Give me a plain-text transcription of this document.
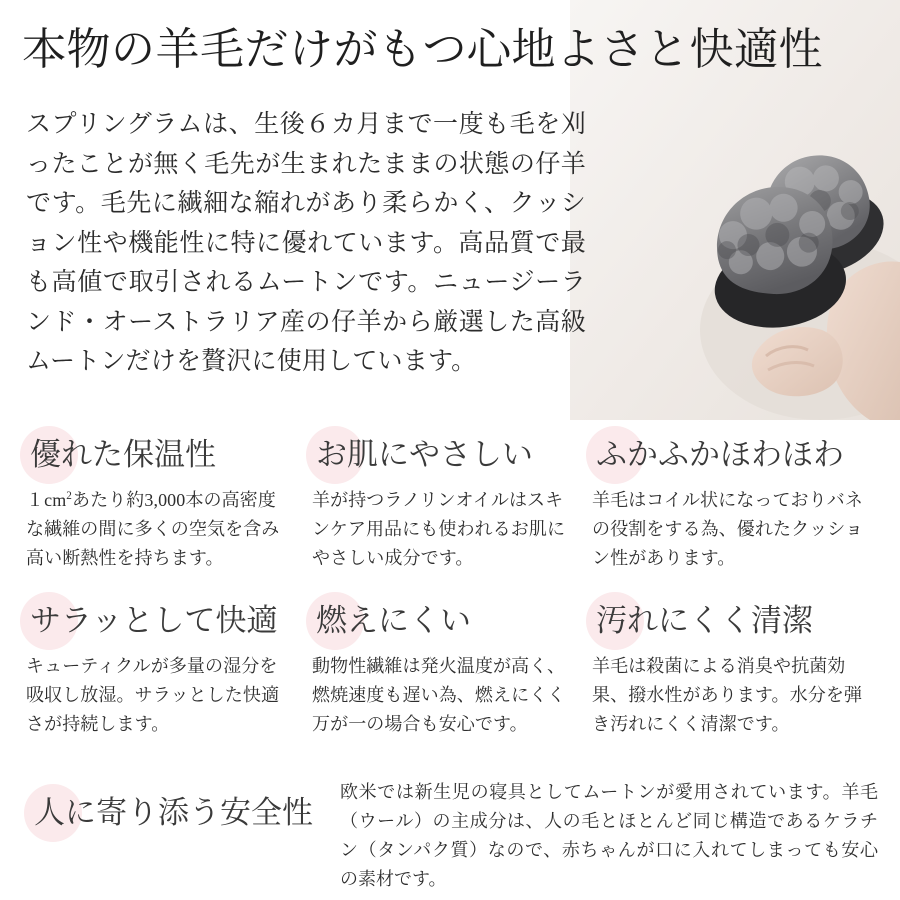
本物の羊毛だけがもつ心地よさと快適性
スプリングラムは、生後６カ月まで一度も毛を刈ったことが無く毛先が生まれたままの状態の仔羊です。毛先に繊細な縮れがあり柔らかく、クッション性や機能性に特に優れています。高品質で最も高値で取引されるムートンです。ニュージーランド・オーストラリア産の仔羊から厳選した高級ムートンだけを贅沢に使用しています。
優れた保温性
$1cm^2$あたり約3,000本の高密度な繊維の間に多くの空気を含み高い断熱性を持ちます。
お肌にやさしい
羊が持つラノリンオイルはスキンケア用品にも使われるお肌にやさしい成分です。
ふかふかほわほわ
羊毛はコイル状になっておりバネの役割をする為、優れたクッション性があります。
サラッとして快適
キューティクルが多量の湿分を吸収し放湿。サラッとした快適さが持続します。
燃えにくい
動物性繊維は発火温度が高く、燃焼速度も遅い為、燃えにくく万が一の場合も安心です。
汚れにくく清潔
羊毛は殺菌による消臭や抗菌効果、撥水性があります。水分を弾き汚れにくく清潔です。
人に寄り添う安全性
欧米では新生児の寝具としてムートンが愛用されています。羊毛（ウール）の主成分は、人の毛とほとんど同じ構造であるケラチン（タンパク質）なので、赤ちゃんが口に入れてしまっても安心の素材です。
